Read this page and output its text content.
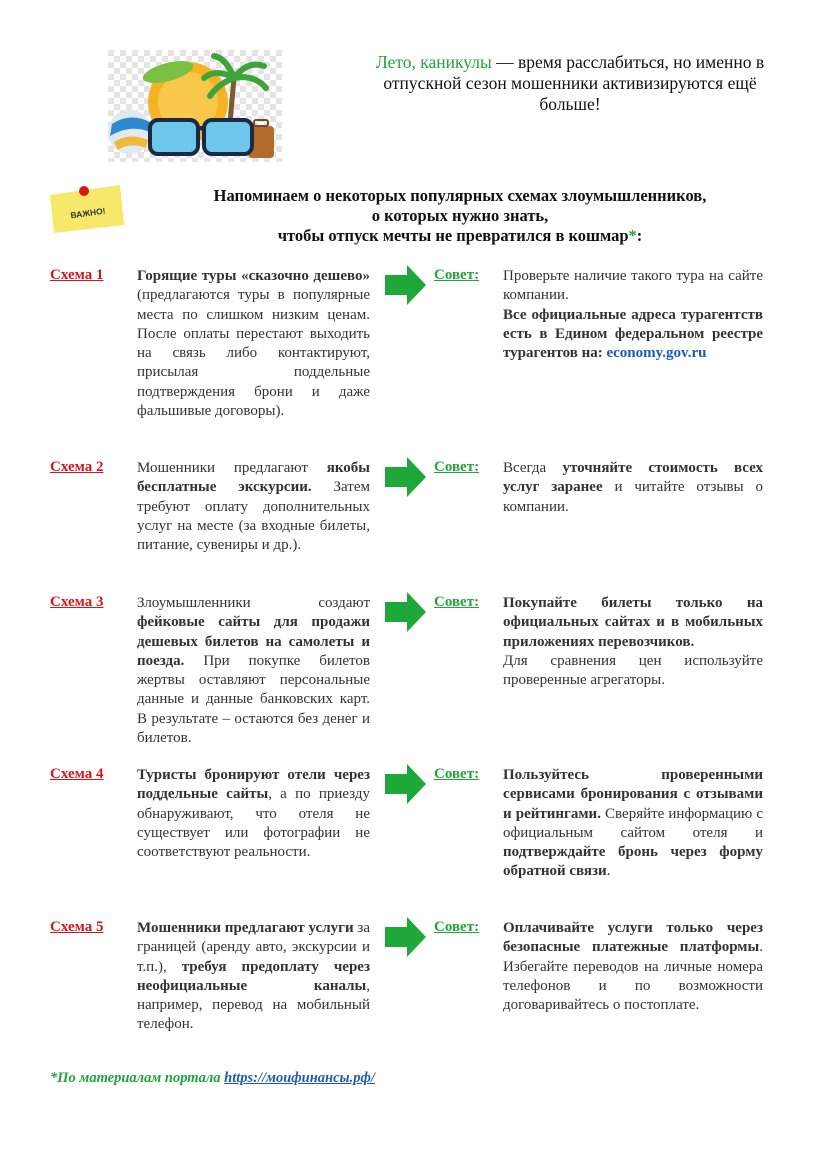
Лето, каникулы — время расслабиться, но именно в отпускной сезон мошенники активизируются ещё больше!
ВАЖНО!
Напоминаем о некоторых популярных схемах злоумышленников,
о которых нужно знать,
чтобы отпуск мечты не превратился в кошмар*:
Схема 1 Горящие туры «сказочно дешево» (предлагаются туры в популярные места по слишком низким ценам. После оплаты перестают выходить на связь либо контактируют, присылая поддельные подтверждения брони и даже фальшивые договоры).
Совет: Проверьте наличие такого тура на сайте компании.

Все официальные адреса турагентств есть в Едином федеральном реестре турагентов на: economy.gov.ru

Схема 2 Мошенники предлагают якобы бесплатные экскурсии. Затем требуют оплату дополнительных услуг на месте (за входные билеты, питание, сувениры и др.).
Совет: Всегда уточняйте стоимость всех услуг заранее и читайте отзывы о компании.
Схема 3 Злоумышленники создают фейковые сайты для продажи дешевых билетов на самолеты и поезда. При покупке билетов жертвы оставляют персональные данные и данные банковских карт. В результате – остаются без денег и билетов.
Совет: Покупайте билеты только на официальных сайтах и в мобильных приложениях перевозчиков.

Для сравнения цен используйте проверенные агрегаторы.

Схема 4 Туристы бронируют отели через поддельные сайты, а по приезду обнаруживают, что отеля не существует или фотографии не соответствуют реальности.
Совет: Пользуйтесь проверенными сервисами бронирования с отзывами и рейтингами. Сверяйте информацию с официальным сайтом отеля и подтверждайте бронь через форму обратной связи.
Схема 5 Мошенники предлагают услуги за границей (аренду авто, экскурсии и т.п.), требуя предоплату через неофициальные каналы, например, перевод на мобильный телефон.
Совет: Оплачивайте услуги только через безопасные платежные платформы. Избегайте переводов на личные номера телефонов и по возможности договаривайтесь о постоплате.
*По материалам портала https://моифинансы.рф/
